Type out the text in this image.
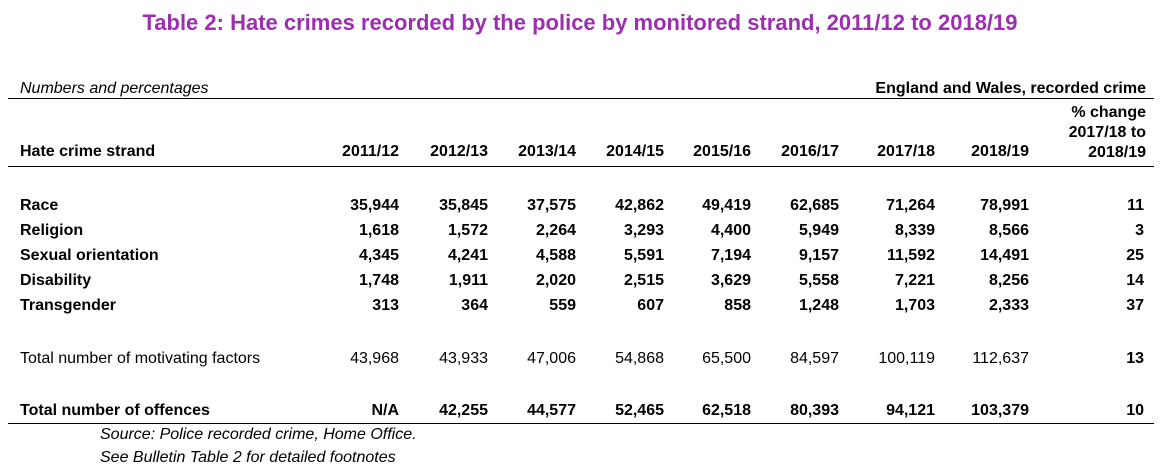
Table 2: Hate crimes recorded by the police by monitored strand, 2011/12 to 2018/19
Numbers and percentages	England and Wales, recorded crime
Hate crime strand	2011/12 2012/13 2013/14 2014/15 2015/16 2016/17 2017/18 2018/19
% change
2017/18 to
2018/19
Race	35,944	35,845 37,575 42,862 49,419 62,685	71,264	78,991	11
Religion	1,618	1,572	2,264	3,293	4,400	5,949	8,339	8,566	3
Sexual orientation	4,345	4,241	4,588	5,591	7,194	9,157	11,592	14,491	25
Disability	1,748	1,911	2,020	2,515	3,629	5,558	7,221	8,256	14
Transgender	313	364	559	607	858	1,248	1,703	2,333	37
Total number of motivating factors	43,968	43,933 47,006 54,868 65,500 84,597 100,119 112,637	13
Total number of offences	N/A	42,255 44,577 52,465 62,518 80,393	94,121 103,379	10
Source: Police recorded crime, Home Office.
See Bulletin Table 2 for detailed footnotes
